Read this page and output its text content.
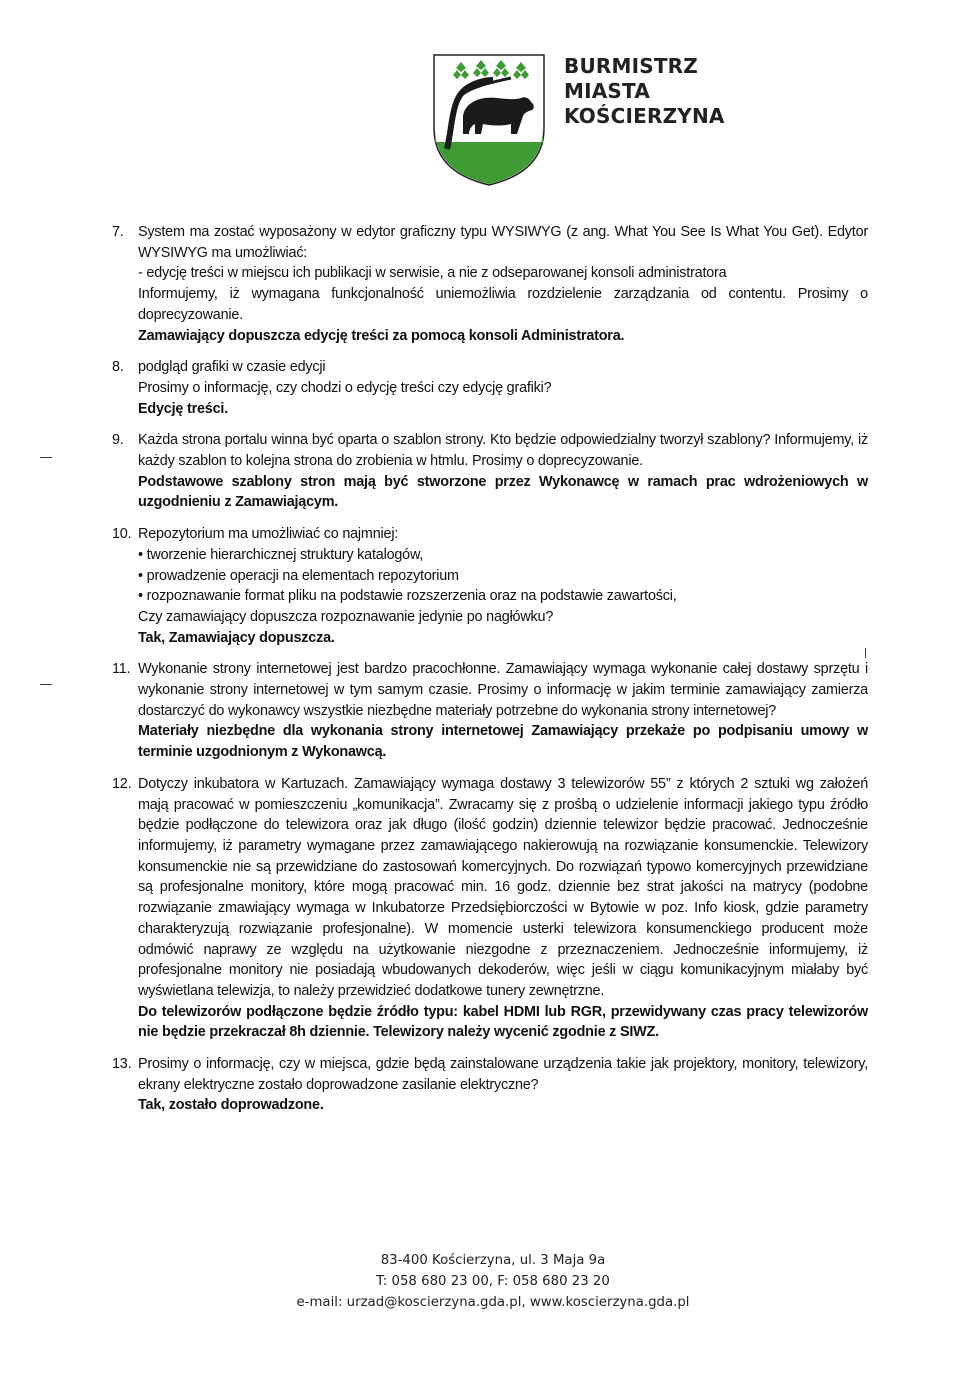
BURMISTRZ
MIASTA
KOŚCIERZYNA
7. System ma zostać wyposażony w edytor graficzny typu WYSIWYG (z ang. What You See Is What You Get). Edytor WYSIWYG ma umożliwiać:

- edycję treści w miejscu ich publikacji w serwisie, a nie z odseparowanej konsoli administratora

Informujemy, iż wymagana funkcjonalność uniemożliwia rozdzielenie zarządzania od contentu. Prosimy o doprecyzowanie.

Zamawiający dopuszcza edycję treści za pomocą konsoli Administratora.

8. podgląd grafiki w czasie edycji

Prosimy o informację, czy chodzi o edycję treści czy edycję grafiki?

Edycję treści.

9. Każda strona portalu winna być oparta o szablon strony. Kto będzie odpowiedzialny tworzył szablony? Informujemy, iż każdy szablon to kolejna strona do zrobienia w htmlu. Prosimy o doprecyzowanie.

Podstawowe szablony stron mają być stworzone przez Wykonawcę w ramach prac wdrożeniowych w uzgodnieniu z Zamawiającym.

10. Repozytorium ma umożliwiać co najmniej:

• tworzenie hierarchicznej struktury katalogów,

• prowadzenie operacji na elementach repozytorium

• rozpoznawanie format pliku na podstawie rozszerzenia oraz na podstawie zawartości,

Czy zamawiający dopuszcza rozpoznawanie jedynie po nagłówku?

Tak, Zamawiający dopuszcza.

11. Wykonanie strony internetowej jest bardzo pracochłonne. Zamawiający wymaga wykonanie całej dostawy sprzętu i wykonanie strony internetowej w tym samym czasie. Prosimy o informację w jakim terminie zamawiający zamierza dostarczyć do wykonawcy wszystkie niezbędne materiały potrzebne do wykonania strony internetowej?

Materiały niezbędne dla wykonania strony internetowej Zamawiający przekaże po podpisaniu umowy w terminie uzgodnionym z Wykonawcą.

12. Dotyczy inkubatora w Kartuzach. Zamawiający wymaga dostawy 3 telewizorów 55” z których 2 sztuki wg założeń mają pracować w pomieszczeniu „komunikacja”. Zwracamy się z prośbą o udzielenie informacji jakiego typu źródło będzie podłączone do telewizora oraz jak długo (ilość godzin) dziennie telewizor będzie pracować. Jednocześnie informujemy, iż parametry wymagane przez zamawiającego nakierowują na rozwiązanie konsumenckie. Telewizory konsumenckie nie są przewidziane do zastosowań komercyjnych. Do rozwiązań typowo komercyjnych przewidziane są profesjonalne monitory, które mogą pracować min. 16 godz. dziennie bez strat jakości na matrycy (podobne rozwiązanie zmawiający wymaga w Inkubatorze Przedsiębiorczości w Bytowie w poz. Info kiosk, gdzie parametry charakteryzują rozwiązanie profesjonalne). W momencie usterki telewizora konsumenckiego producent może odmówić naprawy ze względu na użytkowanie niezgodne z przeznaczeniem. Jednocześnie informujemy, iż profesjonalne monitory nie posiadają wbudowanych dekoderów, więc jeśli w ciągu komunikacyjnym miałaby być wyświetlana telewizja, to należy przewidzieć dodatkowe tunery zewnętrzne.

Do telewizorów podłączone będzie źródło typu: kabel HDMI lub RGR, przewidywany czas pracy telewizorów nie będzie przekraczał 8h dziennie. Telewizory należy wycenić zgodnie z SIWZ.

13. Prosimy o informację, czy w miejsca, gdzie będą zainstalowane urządzenia takie jak projektory, monitory, telewizory, ekrany elektryczne zostało doprowadzone zasilanie elektryczne?

Tak, zostało doprowadzone.

83-400 Kościerzyna, ul. 3 Maja 9a
T: 058 680 23 00, F: 058 680 23 20
e-mail: urzad@koscierzyna.gda.pl, www.koscierzyna.gda.pl
